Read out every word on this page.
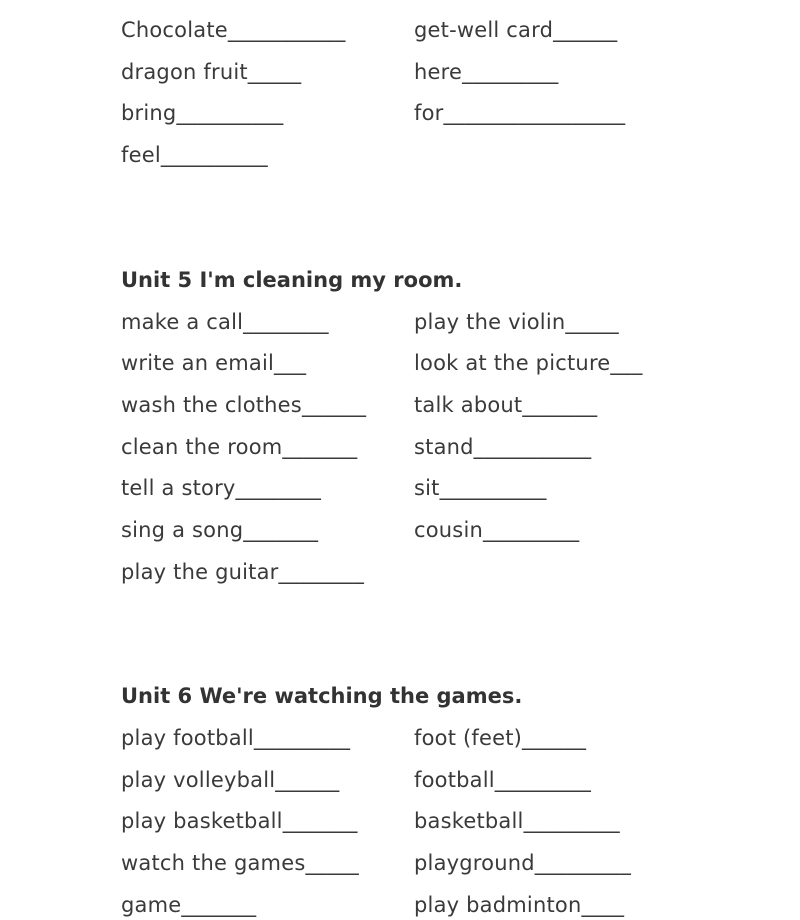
Chocolate___________
dragon fruit_____
bring__________
feel__________
get-well card______
here_________
for_________________
Unit 5 I'm cleaning my room.
make a call________
write an email___
wash the clothes______
clean the room_______
tell a story________
sing a song_______
play the guitar________
play the violin_____
look at the picture___
talk about_______
stand___________
sit__________
cousin_________
Unit 6 We're watching the games.
play football_________
play volleyball______
play basketball_______
watch the games_____
game_______
foot (feet)______
football_________
basketball_________
playground_________
play badminton____
